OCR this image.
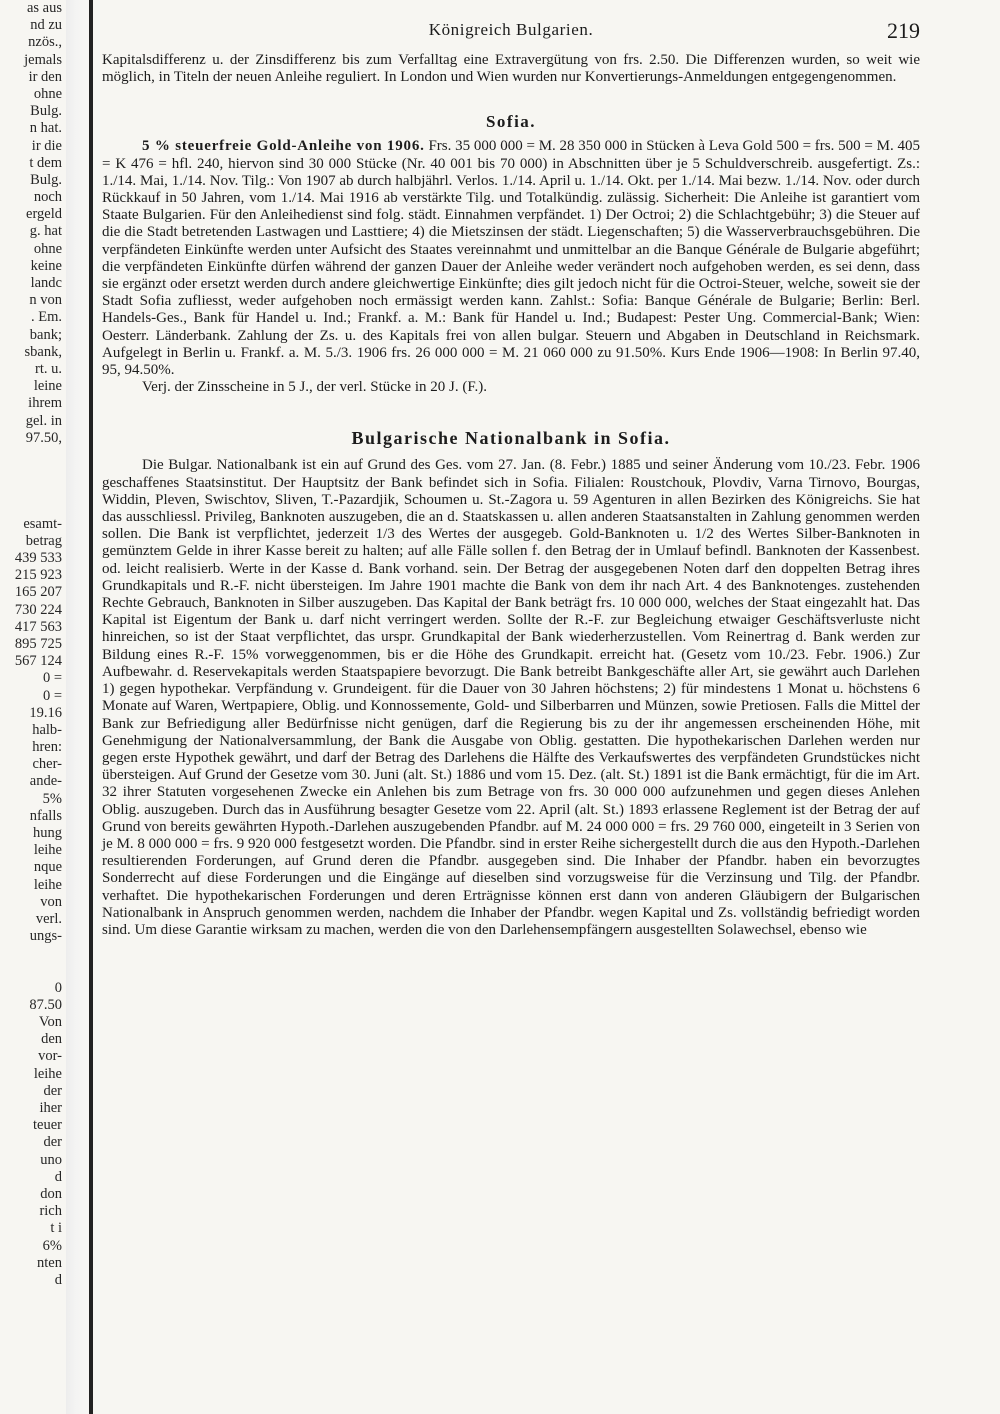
as aus
nd zu
nzös.,
jemals
ir den
ohne
Bulg.
n hat.
ir die
t dem
Bulg.
noch
ergeld
g. hat
ohne
keine
landc
n von
. Em.
bank;
sbank,
rt. u.
leine
ihrem
gel. in
97.50,
esamt-
betrag
439 533
215 923
165 207
730 224
417 563
895 725
567 124
0 =
0 =
19.16
halb-
hren:
cher-
ande-
5%
nfalls
hung
leihe
nque
leihe
von
verl.
ungs-
0
87.50
Von
den
vor-
leihe
der
iher
teuer
der
uno
d
don
rich
t i
6%
nten
d
Königreich Bulgarien.	219

Kapitalsdifferenz u. der Zinsdifferenz bis zum Verfalltag eine Extravergütung von frs. 2.50. Die Differenzen wurden, so weit wie möglich, in Titeln der neuen Anleihe reguliert. In London und Wien wurden nur Konvertierungs-Anmeldungen entgegengenommen.

Sofia.

5 % steuerfreie Gold-Anleihe von 1906. Frs. 35 000 000 = M. 28 350 000 in Stücken à Leva Gold 500 = frs. 500 = M. 405 = K 476 = hfl. 240, hiervon sind 30 000 Stücke (Nr. 40 001 bis 70 000) in Abschnitten über je 5 Schuldverschreib. ausgefertigt. Zs.: 1./14. Mai, 1./14. Nov. Tilg.: Von 1907 ab durch halbjährl. Verlos. 1./14. April u. 1./14. Okt. per 1./14. Mai bezw. 1./14. Nov. oder durch Rückkauf in 50 Jahren, vom 1./14. Mai 1916 ab verstärkte Tilg. und Totalkündig. zulässig. Sicherheit: Die Anleihe ist garantiert vom Staate Bulgarien. Für den Anleihedienst sind folg. städt. Einnahmen verpfändet. 1) Der Octroi; 2) die Schlachtgebühr; 3) die Steuer auf die die Stadt betretenden Lastwagen und Lasttiere; 4) die Mietszinsen der städt. Liegenschaften; 5) die Wasserverbrauchsgebühren. Die verpfändeten Einkünfte werden unter Aufsicht des Staates vereinnahmt und unmittelbar an die Banque Générale de Bulgarie abgeführt; die verpfändeten Einkünfte dürfen während der ganzen Dauer der Anleihe weder verändert noch aufgehoben werden, es sei denn, dass sie ergänzt oder ersetzt werden durch andere gleichwertige Einkünfte; dies gilt jedoch nicht für die Octroi-Steuer, welche, soweit sie der Stadt Sofia zufliesst, weder aufgehoben noch ermässigt werden kann. Zahlst.: Sofia: Banque Générale de Bulgarie; Berlin: Berl. Handels-Ges., Bank für Handel u. Ind.; Frankf. a. M.: Bank für Handel u. Ind.; Budapest: Pester Ung. Commercial-Bank; Wien: Oesterr. Länderbank. Zahlung der Zs. u. des Kapitals frei von allen bulgar. Steuern und Abgaben in Deutschland in Reichsmark. Aufgelegt in Berlin u. Frankf. a. M. 5./3. 1906 frs. 26 000 000 = M. 21 060 000 zu 91.50%. Kurs Ende 1906—1908: In Berlin 97.40, 95, 94.50%.

Verj. der Zinsscheine in 5 J., der verl. Stücke in 20 J. (F.).

Bulgarische Nationalbank in Sofia.

Die Bulgar. Nationalbank ist ein auf Grund des Ges. vom 27. Jan. (8. Febr.) 1885 und seiner Änderung vom 10./23. Febr. 1906 geschaffenes Staatsinstitut. Der Hauptsitz der Bank befindet sich in Sofia. Filialen: Roustchouk, Plovdiv, Varna Tirnovo, Bourgas, Widdin, Pleven, Swischtov, Sliven, T.-Pazardjik, Schoumen u. St.-Zagora u. 59 Agenturen in allen Bezirken des Königreichs. Sie hat das ausschliessl. Privileg, Banknoten auszugeben, die an d. Staatskassen u. allen anderen Staatsanstalten in Zahlung genommen werden sollen. Die Bank ist verpflichtet, jederzeit 1/3 des Wertes der ausgegeb. Gold-Banknoten u. 1/2 des Wertes Silber-Banknoten in gemünztem Gelde in ihrer Kasse bereit zu halten; auf alle Fälle sollen f. den Betrag der in Umlauf befindl. Banknoten der Kassenbest. od. leicht realisierb. Werte in der Kasse d. Bank vorhand. sein. Der Betrag der ausgegebenen Noten darf den doppelten Betrag ihres Grundkapitals und R.-F. nicht übersteigen. Im Jahre 1901 machte die Bank von dem ihr nach Art. 4 des Banknotenges. zustehenden Rechte Gebrauch, Banknoten in Silber auszugeben. Das Kapital der Bank beträgt frs. 10 000 000, welches der Staat eingezahlt hat. Das Kapital ist Eigentum der Bank u. darf nicht verringert werden. Sollte der R.-F. zur Begleichung etwaiger Geschäftsverluste nicht hinreichen, so ist der Staat verpflichtet, das urspr. Grundkapital der Bank wiederherzustellen. Vom Reinertrag d. Bank werden zur Bildung eines R.-F. 15% vorweggenommen, bis er die Höhe des Grundkapit. erreicht hat. (Gesetz vom 10./23. Febr. 1906.) Zur Aufbewahr. d. Reservekapitals werden Staatspapiere bevorzugt. Die Bank betreibt Bankgeschäfte aller Art, sie gewährt auch Darlehen 1) gegen hypothekar. Verpfändung v. Grundeigent. für die Dauer von 30 Jahren höchstens; 2) für mindestens 1 Monat u. höchstens 6 Monate auf Waren, Wertpapiere, Oblig. und Konnossemente, Gold- und Silberbarren und Münzen, sowie Pretiosen. Falls die Mittel der Bank zur Befriedigung aller Bedürfnisse nicht genügen, darf die Regierung bis zu der ihr angemessen erscheinenden Höhe, mit Genehmigung der Nationalversammlung, der Bank die Ausgabe von Oblig. gestatten. Die hypothekarischen Darlehen werden nur gegen erste Hypothek gewährt, und darf der Betrag des Darlehens die Hälfte des Verkaufswertes des verpfändeten Grundstückes nicht übersteigen. Auf Grund der Gesetze vom 30. Juni (alt. St.) 1886 und vom 15. Dez. (alt. St.) 1891 ist die Bank ermächtigt, für die im Art. 32 ihrer Statuten vorgesehenen Zwecke ein Anlehen bis zum Betrage von frs. 30 000 000 aufzunehmen und gegen dieses Anlehen Oblig. auszugeben. Durch das in Ausführung besagter Gesetze vom 22. April (alt. St.) 1893 erlassene Reglement ist der Betrag der auf Grund von bereits gewährten Hypoth.-Darlehen auszugebenden Pfandbr. auf M. 24 000 000 = frs. 29 760 000, eingeteilt in 3 Serien von je M. 8 000 000 = frs. 9 920 000 festgesetzt worden. Die Pfandbr. sind in erster Reihe sichergestellt durch die aus den Hypoth.-Darlehen resultierenden Forderungen, auf Grund deren die Pfandbr. ausgegeben sind. Die Inhaber der Pfandbr. haben ein bevorzugtes Sonderrecht auf diese Forderungen und die Eingänge auf dieselben sind vorzugsweise für die Verzinsung und Tilg. der Pfandbr. verhaftet. Die hypothekarischen Forderungen und deren Erträgnisse können erst dann von anderen Gläubigern der Bulgarischen Nationalbank in Anspruch genommen werden, nachdem die Inhaber der Pfandbr. wegen Kapital und Zs. vollständig befriedigt worden sind. Um diese Garantie wirksam zu machen, werden die von den Darlehensempfängern ausgestellten Solawechsel, ebenso wie
